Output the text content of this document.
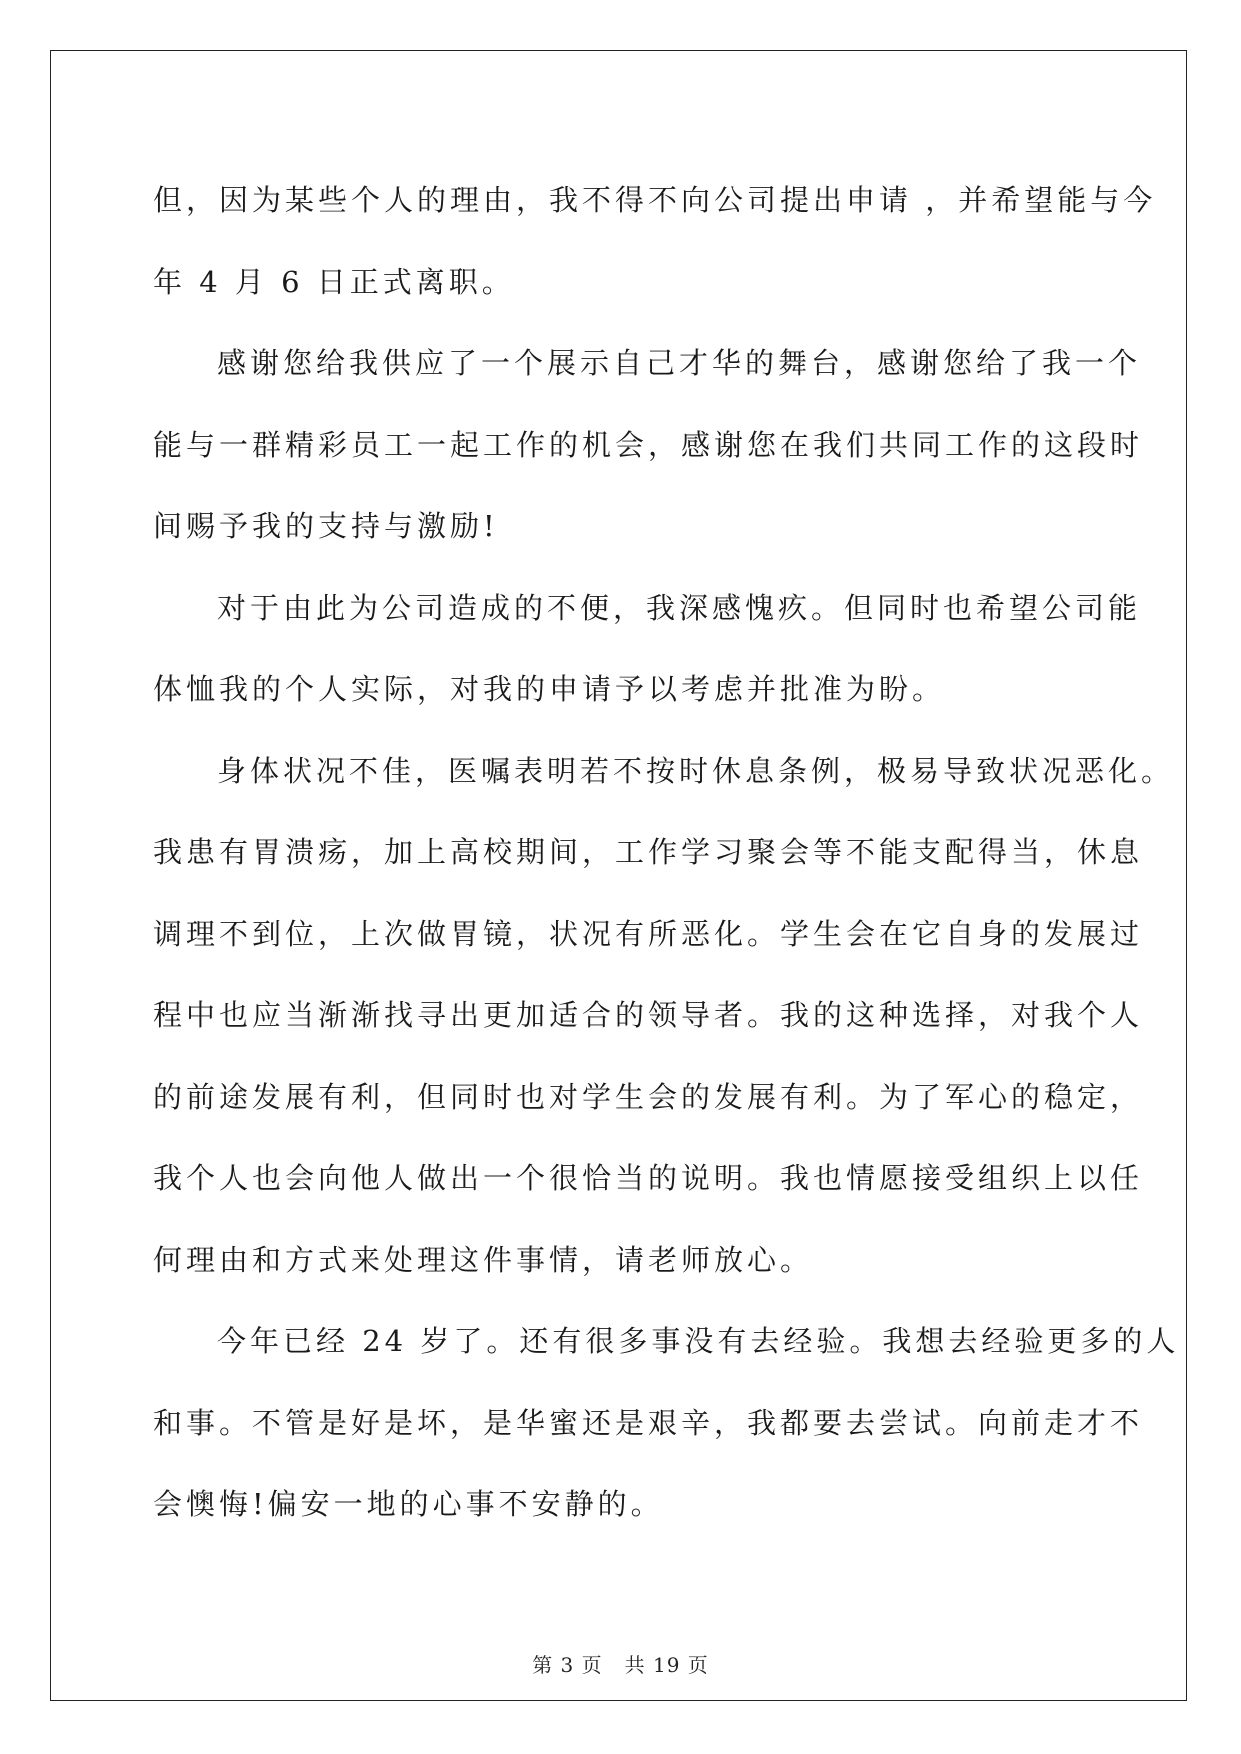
但，因为某些个人的理由，我不得不向公司提出申请 ，并希望能与今
年 4 月 6 日正式离职。
感谢您给我供应了一个展示自己才华的舞台，感谢您给了我一个
能与一群精彩员工一起工作的机会，感谢您在我们共同工作的这段时
间赐予我的支持与激励!
对于由此为公司造成的不便，我深感愧疚。但同时也希望公司能
体恤我的个人实际，对我的申请予以考虑并批准为盼。
身体状况不佳，医嘱表明若不按时休息条例，极易导致状况恶化。
我患有胃溃疡，加上高校期间，工作学习聚会等不能支配得当，休息
调理不到位，上次做胃镜，状况有所恶化。学生会在它自身的发展过
程中也应当渐渐找寻出更加适合的领导者。我的这种选择，对我个人
的前途发展有利，但同时也对学生会的发展有利。为了军心的稳定，
我个人也会向他人做出一个很恰当的说明。我也情愿接受组织上以任
何理由和方式来处理这件事情，请老师放心。
今年已经 24 岁了。还有很多事没有去经验。我想去经验更多的人
和事。不管是好是坏，是华蜜还是艰辛，我都要去尝试。向前走才不
会懊悔!偏安一地的心事不安静的。
第 3 页 共 19 页
